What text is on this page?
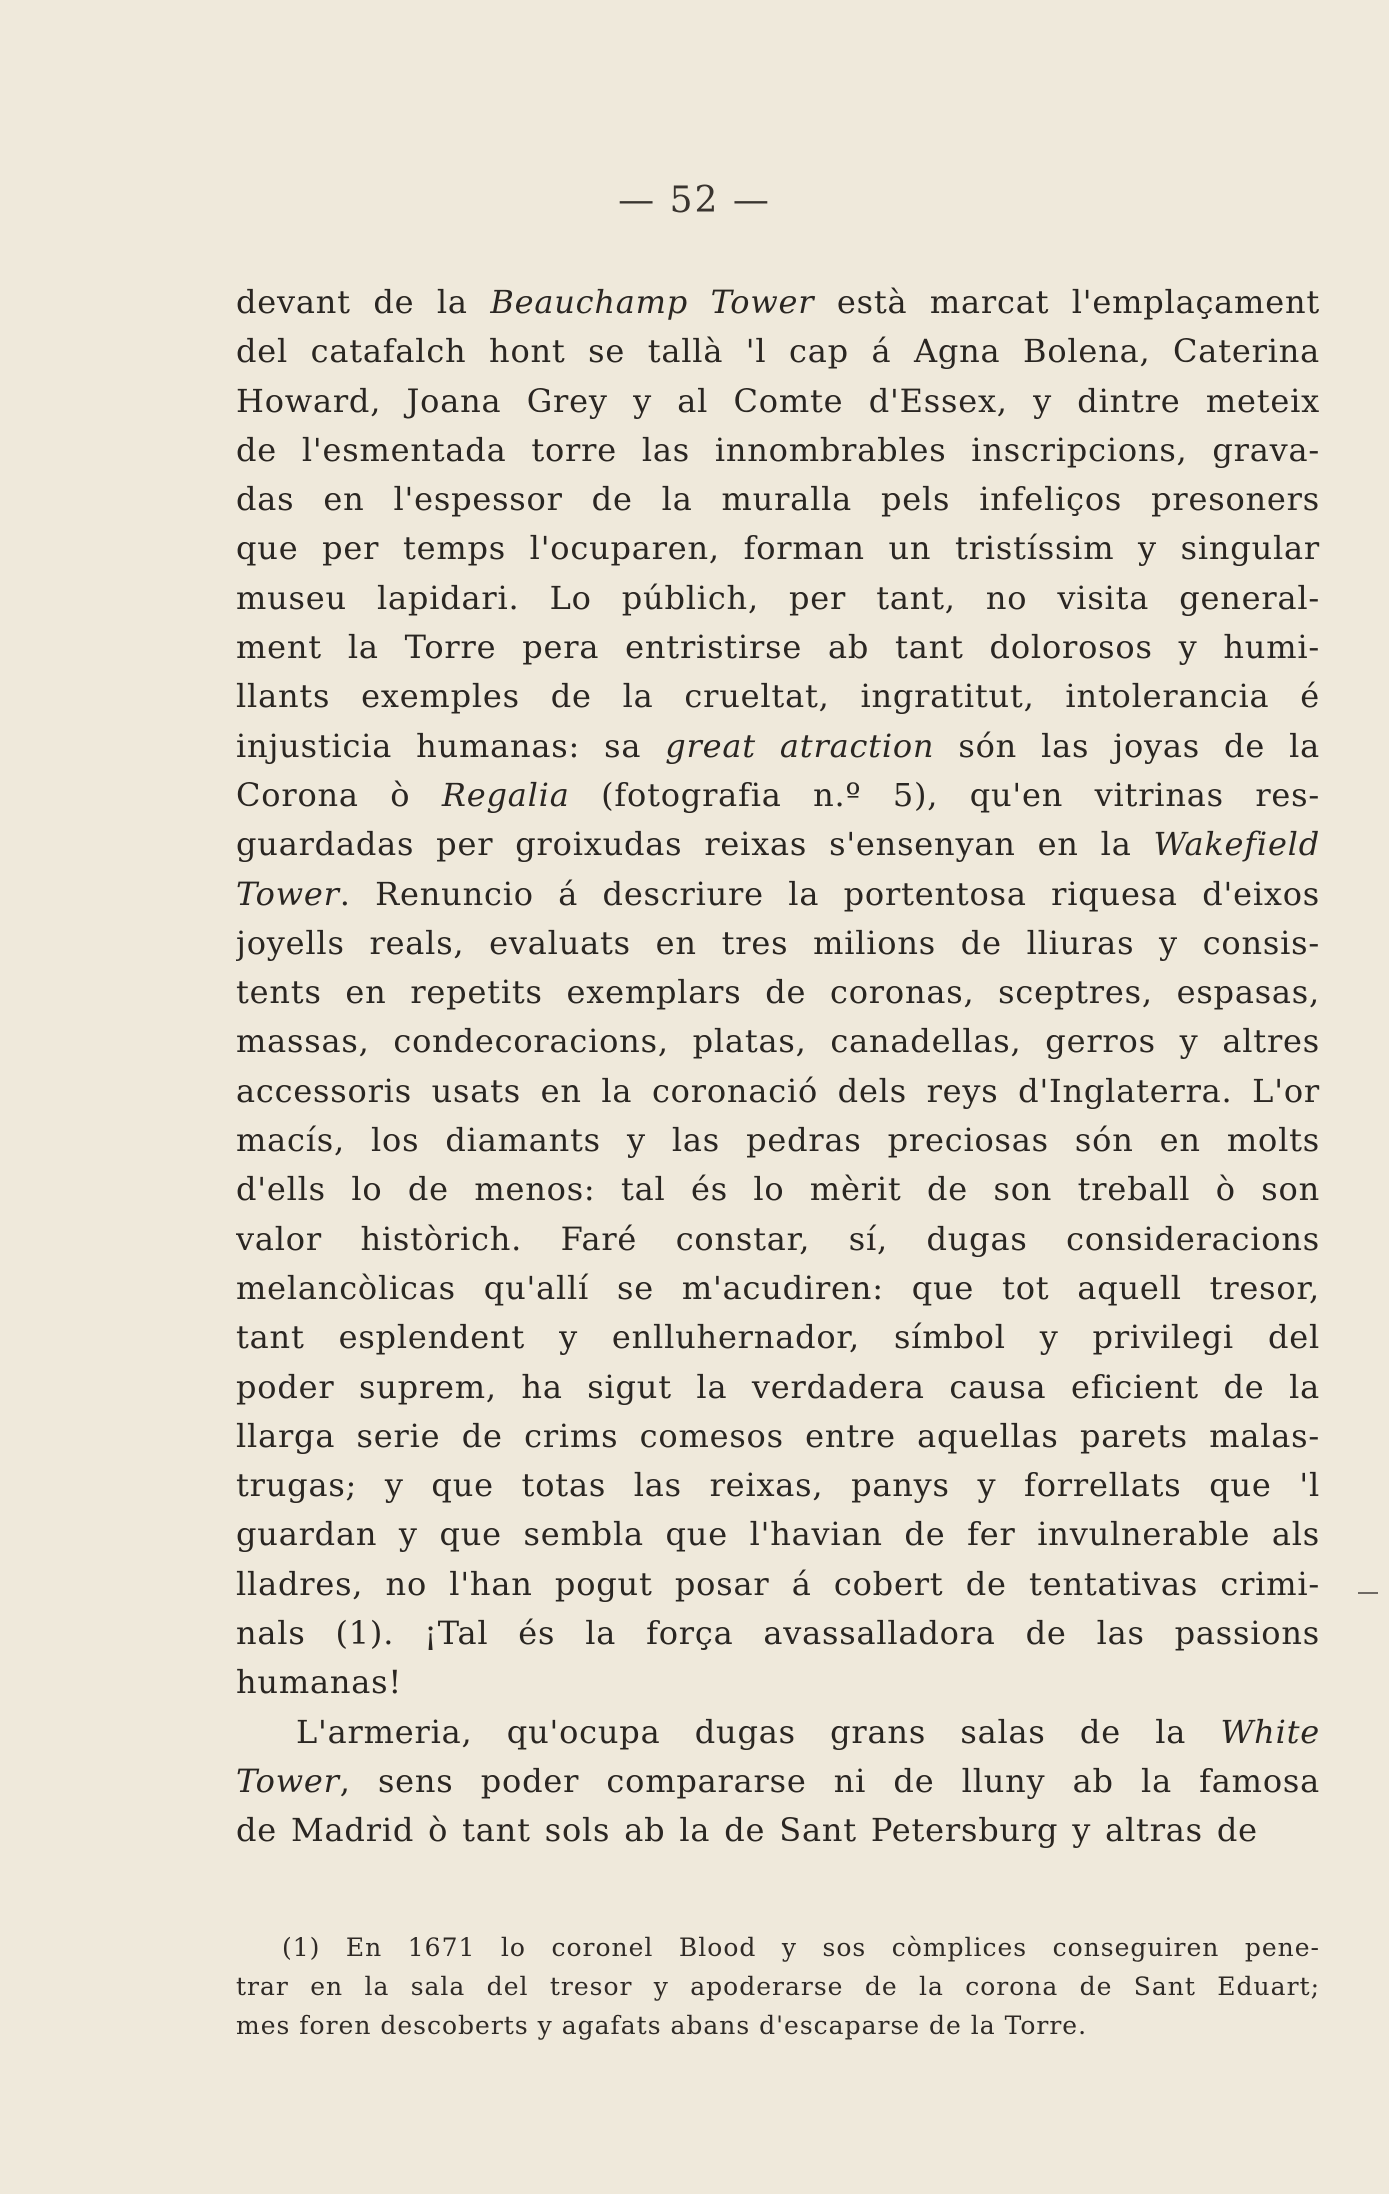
— 52 —
devant de la Beauchamp Tower està marcat l'emplaçament
del catafalch hont se tallà 'l cap á Agna Bolena, Caterina
Howard, Joana Grey y al Comte d'Essex, y dintre meteix
de l'esmentada torre las innombrables inscripcions, grava-
das en l'espessor de la muralla pels infeliços presoners
que per temps l'ocuparen, forman un tristíssim y singular
museu lapidari. Lo públich, per tant, no visita general-
ment la Torre pera entristirse ab tant dolorosos y humi-
llants exemples de la crueltat, ingratitut, intolerancia é
injusticia humanas: sa great atraction són las joyas de la
Corona ò Regalia (fotografia n.º 5), qu'en vitrinas res-
guardadas per groixudas reixas s'ensenyan en la Wakefield
Tower. Renuncio á descriure la portentosa riquesa d'eixos
joyells reals, evaluats en tres milions de lliuras y consis-
tents en repetits exemplars de coronas, sceptres, espasas,
massas, condecoracions, platas, canadellas, gerros y altres
accessoris usats en la coronació dels reys d'Inglaterra. L'or
macís, los diamants y las pedras preciosas són en molts
d'ells lo de menos: tal és lo mèrit de son treball ò son
valor històrich. Faré constar, sí, dugas consideracions
melancòlicas qu'allí se m'acudiren: que tot aquell tresor,
tant esplendent y enlluhernador, símbol y privilegi del
poder suprem, ha sigut la verdadera causa eficient de la
llarga serie de crims comesos entre aquellas parets malas-
trugas; y que totas las reixas, panys y forrellats que 'l
guardan y que sembla que l'havian de fer invulnerable als
lladres, no l'han pogut posar á cobert de tentativas crimi-
nals (1). ¡Tal és la força avassalladora de las passions
humanas!
L'armeria, qu'ocupa dugas grans salas de la White
Tower, sens poder compararse ni de lluny ab la famosa
de Madrid ò tant sols ab la de Sant Petersburg y altras de
(1) En 1671 lo coronel Blood y sos còmplices conseguiren pene-
trar en la sala del tresor y apoderarse de la corona de Sant Eduart;
mes foren descoberts y agafats abans d'escaparse de la Torre.
